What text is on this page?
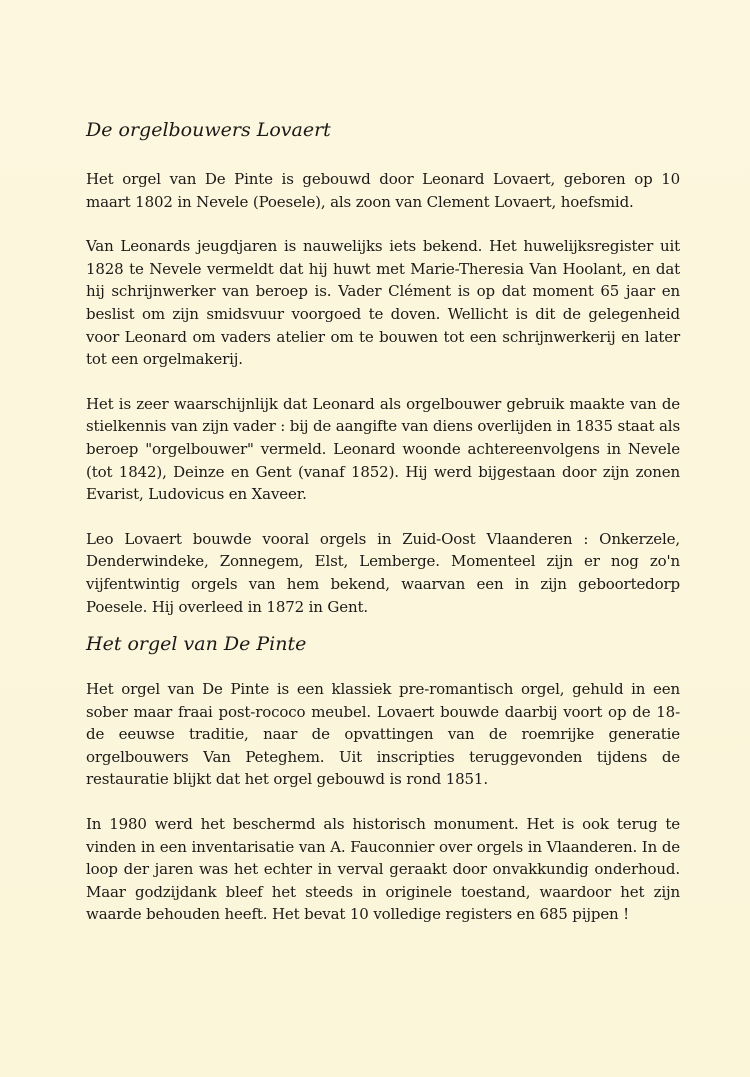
De orgelbouwers Lovaert

Het orgel van De Pinte is gebouwd door Leonard Lovaert, geboren op 10 maart 1802 in Nevele (Poesele), als zoon van Clement Lovaert, hoefsmid.

Van Leonards jeugdjaren is nauwelijks iets bekend. Het huwelijksregister uit 1828 te Nevele vermeldt dat hij huwt met Marie-Theresia Van Hoolant, en dat hij schrijnwerker van beroep is. Vader Clément is op dat moment 65 jaar en beslist om zijn smidsvuur voorgoed te doven. Wellicht is dit de gelegenheid voor Leonard om vaders atelier om te bouwen tot een schrijnwerkerij en later tot een orgelmakerij.

Het is zeer waarschijnlijk dat Leonard als orgelbouwer gebruik maakte van de stielkennis van zijn vader : bij de aangifte van diens overlijden in 1835 staat als beroep "orgelbouwer" vermeld. Leonard woonde achtereenvolgens in Nevele (tot 1842), Deinze en Gent (vanaf 1852). Hij werd bijgestaan door zijn zonen Evarist, Ludovicus en Xaveer.

Leo Lovaert bouwde vooral orgels in Zuid-Oost Vlaanderen : Onkerzele, Denderwindeke, Zonnegem, Elst, Lemberge. Momenteel zijn er nog zo'n vijfentwintig orgels van hem bekend, waarvan een in zijn geboortedorp Poesele. Hij overleed in 1872 in Gent.

Het orgel van De Pinte

Het orgel van De Pinte is een klassiek pre-romantisch orgel, gehuld in een sober maar fraai post-rococo meubel. Lovaert bouwde daarbij voort op de 18-de eeuwse traditie, naar de opvattingen van de roemrijke generatie orgelbouwers Van Peteghem. Uit inscripties teruggevonden tijdens de restauratie blijkt dat het orgel gebouwd is rond 1851.

In 1980 werd het beschermd als historisch monument. Het is ook terug te vinden in een inventarisatie van A. Fauconnier over orgels in Vlaanderen. In de loop der jaren was het echter in verval geraakt door onvakkundig onderhoud. Maar godzijdank bleef het steeds in originele toestand, waardoor het zijn waarde behouden heeft. Het bevat 10 volledige registers en 685 pijpen !
